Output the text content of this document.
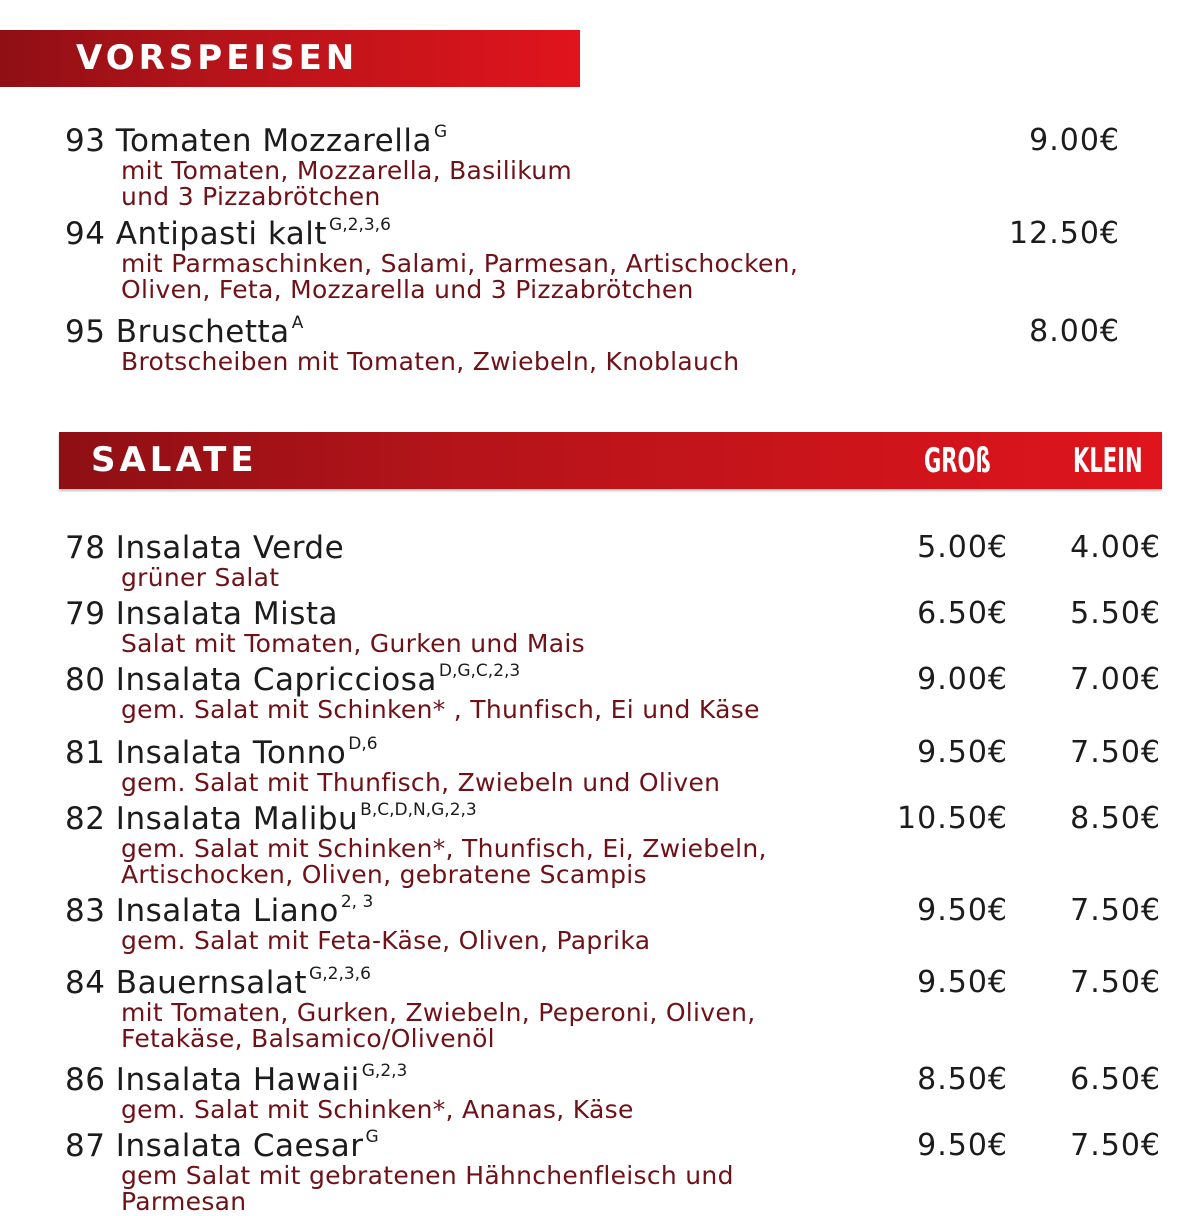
VORSPEISEN
93 Tomaten Mozzarella $^G$
mit Tomaten, Mozzarella, Basilikum
und 3 Pizzabrötchen
9.00€
94 Antipasti kalt $^{G,2,3,6}$
mit Parmaschinken, Salami, Parmesan, Artischocken,
Oliven, Feta, Mozzarella und 3 Pizzabrötchen
12.50€
95 Bruschetta $^A$
Brotscheiben mit Tomaten, Zwiebeln, Knoblauch
8.00€
SALATE	GROß KLEIN
78 Insalata Verde
grüner Salat
5.00€ 4.00€
79 Insalata Mista
Salat mit Tomaten, Gurken und Mais
6.50€ 5.50€
80 Insalata Capricciosa $^{D,G,C,2,3}$
gem. Salat mit Schinken* , Thunfisch, Ei und Käse
9.00€ 7.00€
81 Insalata Tonno $^{D,6}$
gem. Salat mit Thunfisch, Zwiebeln und Oliven
9.50€ 7.50€
82 Insalata Malibu $^{B,C,D,N,G,2,3}$
gem. Salat mit Schinken*, Thunfisch, Ei, Zwiebeln,
Artischocken, Oliven, gebratene Scampis
10.50€ 8.50€
83 Insalata Liano $^{2, 3}$
gem. Salat mit Feta-Käse, Oliven, Paprika
9.50€ 7.50€
84 Bauernsalat $^{G,2,3,6}$
mit Tomaten, Gurken, Zwiebeln, Peperoni, Oliven,
Fetakäse, Balsamico/Olivenöl
9.50€ 7.50€
86 Insalata Hawaii $^{G,2,3}$
gem. Salat mit Schinken*, Ananas, Käse
8.50€ 6.50€
87 Insalata Caesar $^G$
gem Salat mit gebratenen Hähnchenfleisch und
Parmesan
9.50€ 7.50€
